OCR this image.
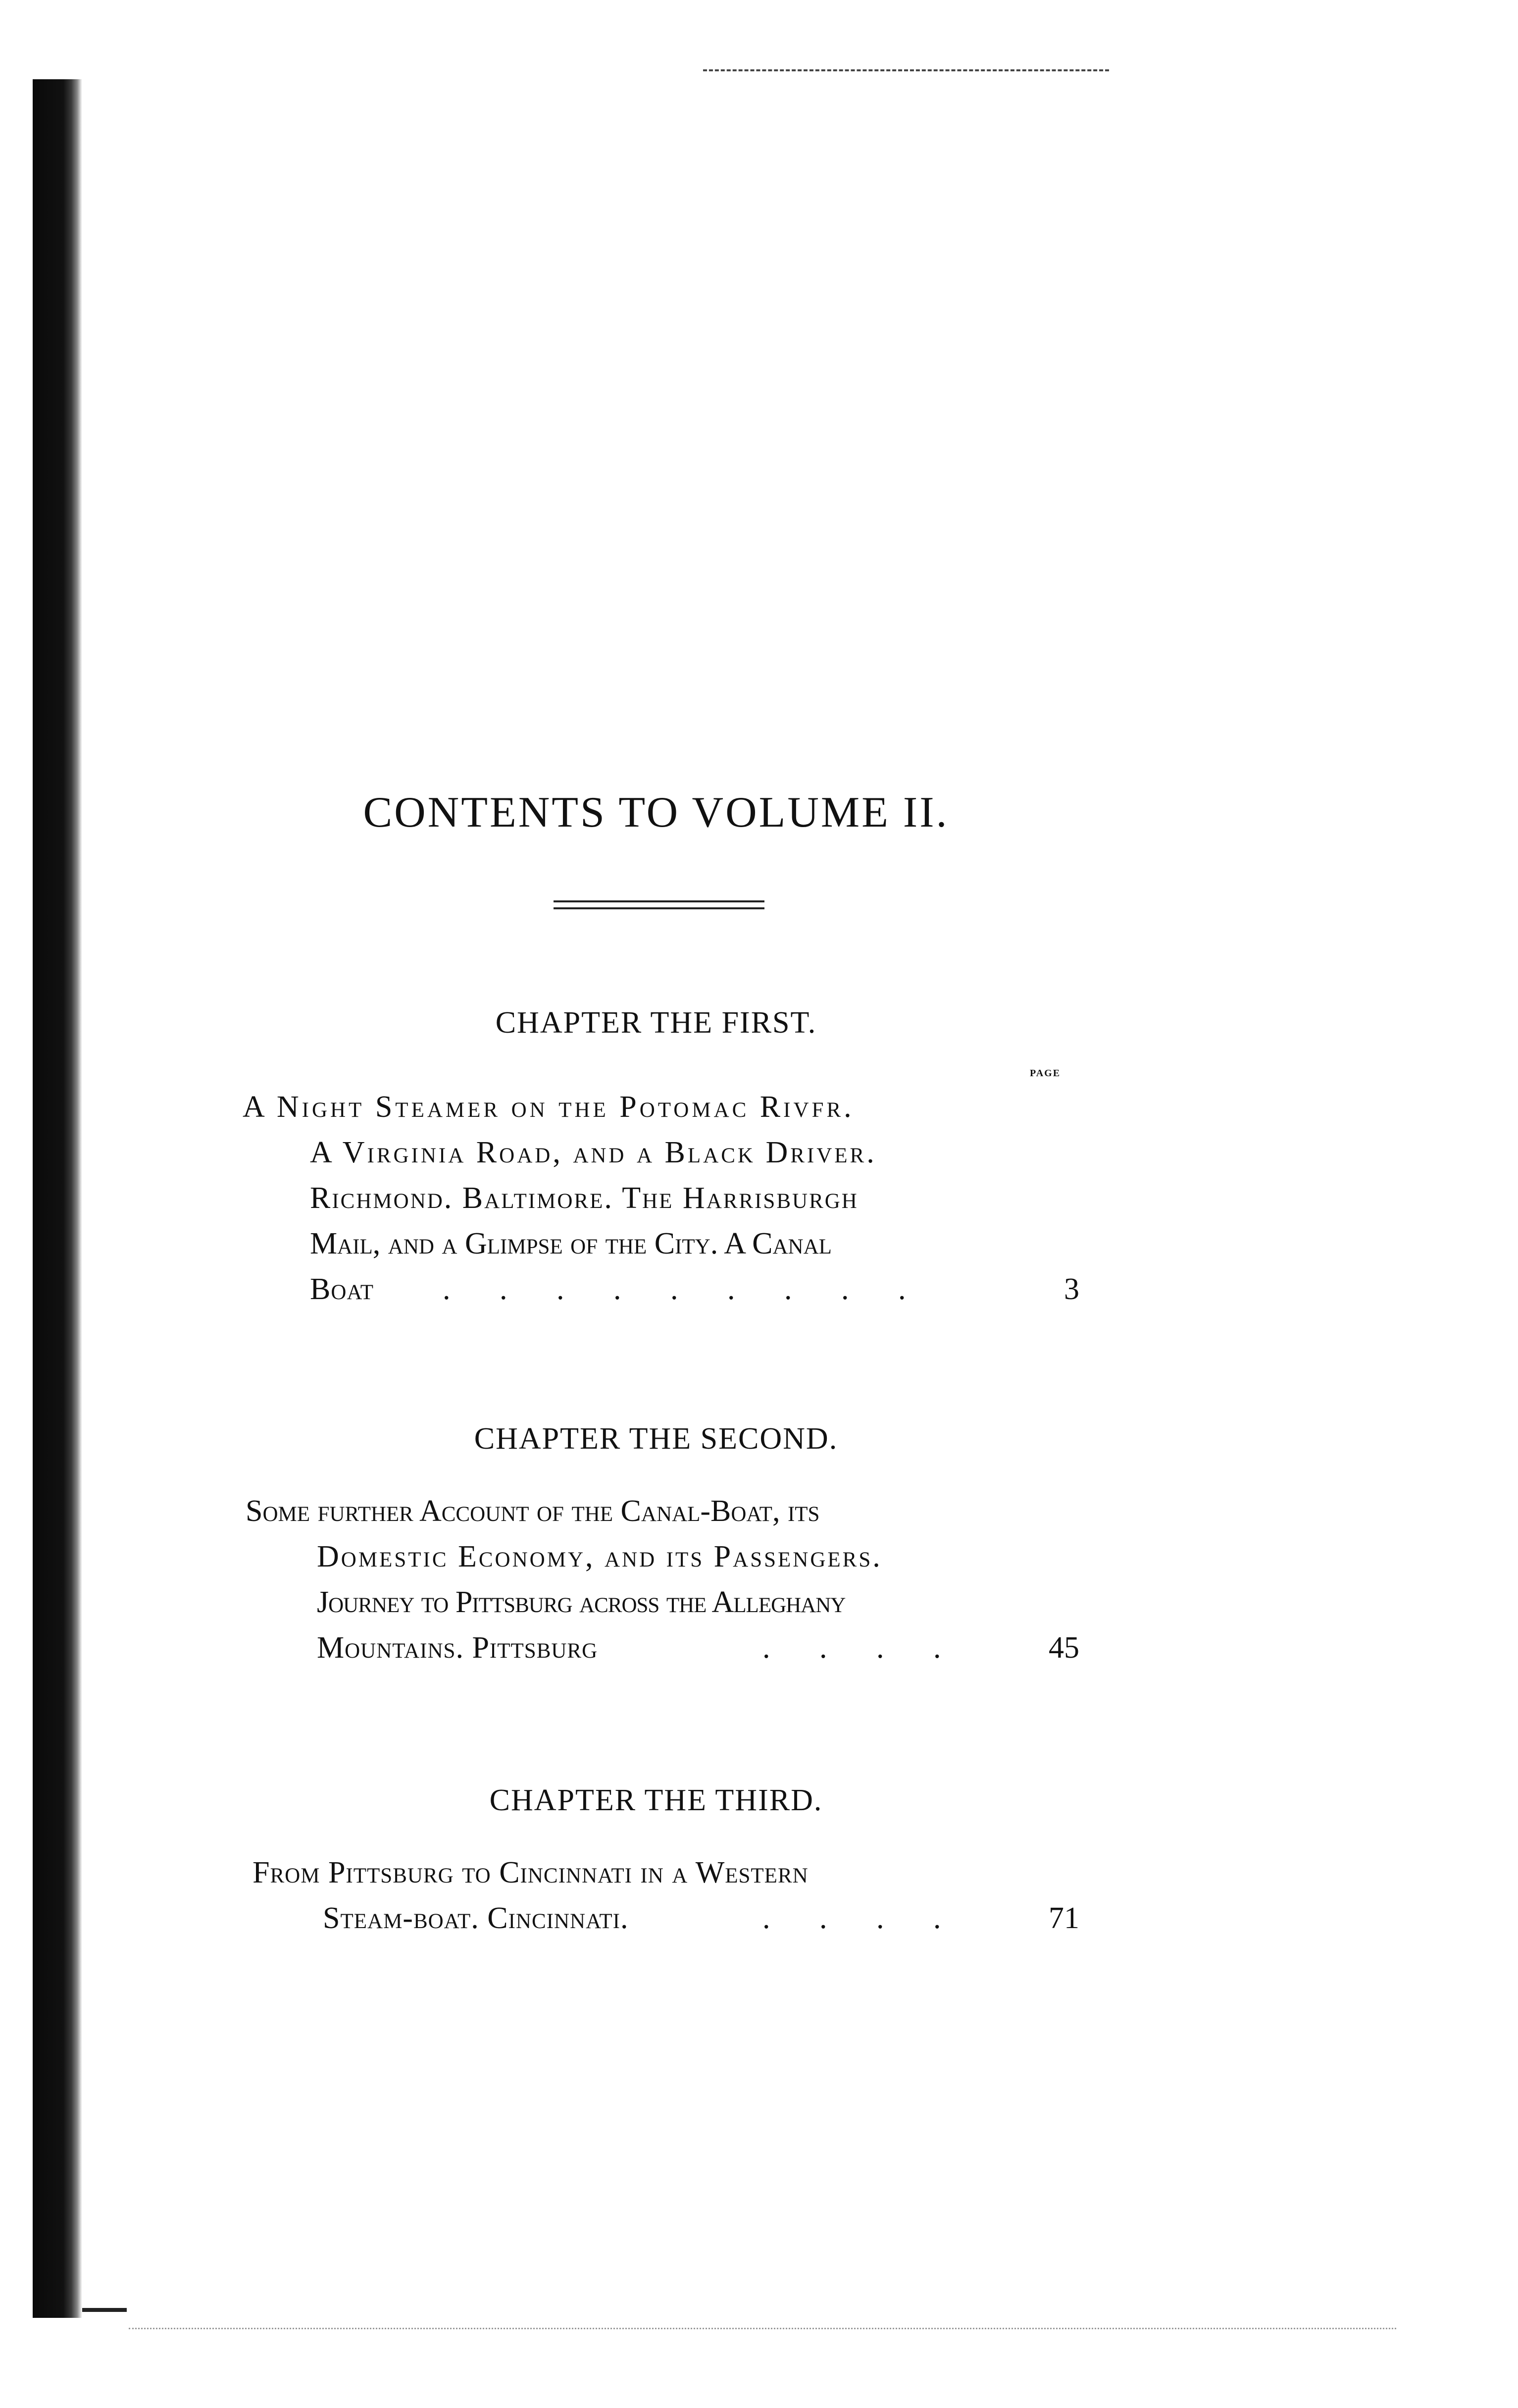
CONTENTS TO VOLUME II.
CHAPTER THE FIRST.
PAGE
A Night Steamer on the Potomac Rivfr.
A Virginia Road, and a Black Driver.
Richmond. Baltimore. The Harrisburgh
Mail, and a Glimpse of the City. A Canal
Boat . . . . . . . . .	3
CHAPTER THE SECOND.
Some further Account of the Canal-Boat, its
Domestic Economy, and its Passengers.
Journey to Pittsburg across the Alleghany
Mountains. Pittsburg	. . . .	45
CHAPTER THE THIRD.
From Pittsburg to Cincinnati in a Western
Steam-boat. Cincinnati.	. . . .	71
